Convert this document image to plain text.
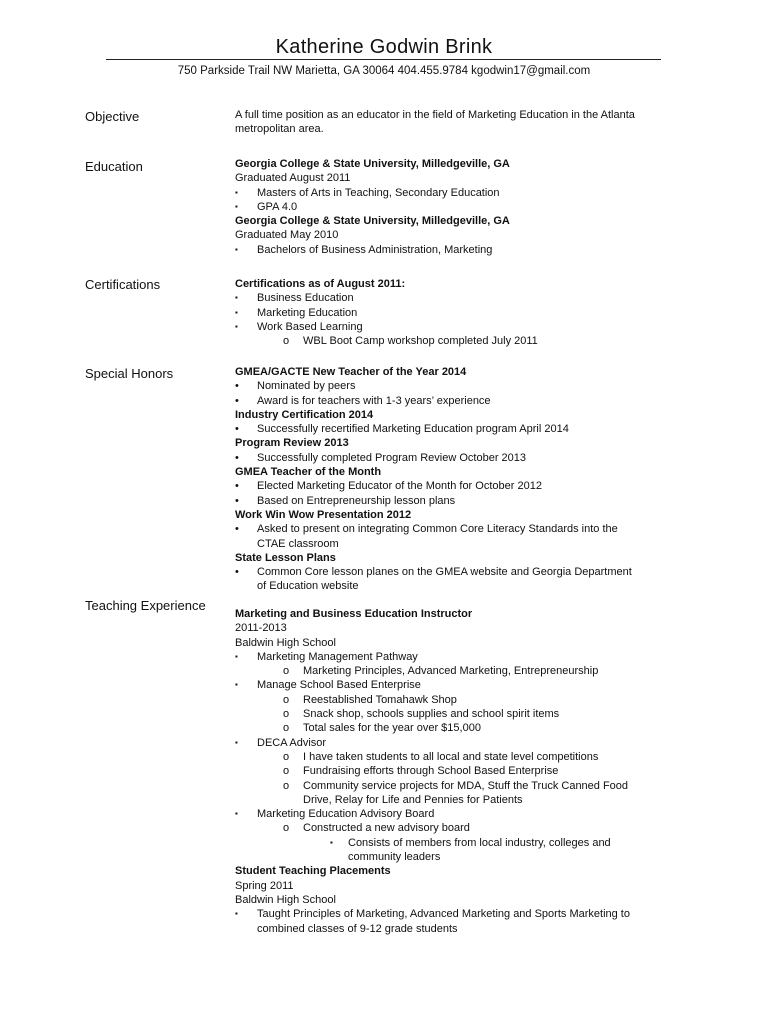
Katherine Godwin Brink
750 Parkside Trail NW Marietta, GA 30064 404.455.9784 kgodwin17@gmail.com
Objective	A full time position as an educator in the field of Marketing Education in the Atlanta metropolitan area.
Education	Georgia College & State University, Milledgeville, GA
Graduated August 2011
▪	Masters of Arts in Teaching, Secondary Education
▪	GPA 4.0
Georgia College & State University, Milledgeville, GA
Graduated May 2010
▪	Bachelors of Business Administration, Marketing
Certifications	Certifications as of August 2011:
▪	Business Education
▪	Marketing Education
▪	Work Based Learning
o WBL Boot Camp workshop completed July 2011
Special Honors	GMEA/GACTE New Teacher of the Year 2014
•	Nominated by peers
•	Award is for teachers with 1-3 years’ experience
Industry Certification 2014
•	Successfully recertified Marketing Education program April 2014
Program Review 2013
•	Successfully completed Program Review October 2013
GMEA Teacher of the Month
•	Elected Marketing Educator of the Month for October 2012
•	Based on Entrepreneurship lesson plans
Work Win Wow Presentation 2012
•	Asked to present on integrating Common Core Literacy Standards into the
CTAE classroom
State Lesson Plans
•	Common Core lesson planes on the GMEA website and Georgia Department
of Education website
Teaching Experience
Marketing and Business Education Instructor
2011-2013
Baldwin High School
▪	Marketing Management Pathway
o Marketing Principles, Advanced Marketing, Entrepreneurship
▪	Manage School Based Enterprise
o Reestablished Tomahawk Shop
o Snack shop, schools supplies and school spirit items
o Total sales for the year over $15,000
▪	DECA Advisor
o I have taken students to all local and state level competitions
o Fundraising efforts through School Based Enterprise
o Community service projects for MDA, Stuff the Truck Canned Food
Drive, Relay for Life and Pennies for Patients
▪	Marketing Education Advisory Board
o Constructed a new advisory board
▪ Consists of members from local industry, colleges and
community leaders
Student Teaching Placements
Spring 2011
Baldwin High School
▪	Taught Principles of Marketing, Advanced Marketing and Sports Marketing to
combined classes of 9-12 grade students
